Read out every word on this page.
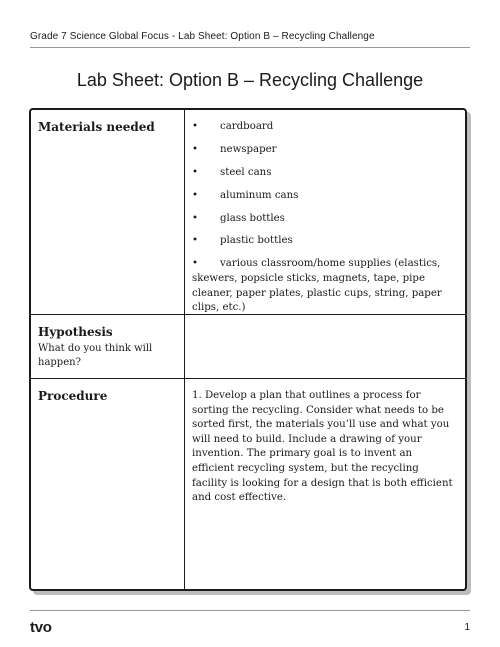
Grade 7 Science Global Focus - Lab Sheet: Option B – Recycling Challenge
Lab Sheet: Option B – Recycling Challenge
Materials needed	• cardboard
• newspaper
• steel cans
• aluminum cans
• glass bottles
• plastic bottles
• various classroom/home supplies (elastics, skewers, popsicle sticks, magnets, tape, pipe cleaner, paper plates, plastic cups, string, paper clips, etc.)
Hypothesis
What do you think will happen?
Procedure	1. Develop a plan that outlines a process for sorting the recycling. Consider what needs to be sorted first, the materials you’ll use and what you will need to build. Include a drawing of your invention. The primary goal is to invent an efficient recycling system, but the recycling facility is looking for a design that is both efficient and cost effective.
tvo	1
